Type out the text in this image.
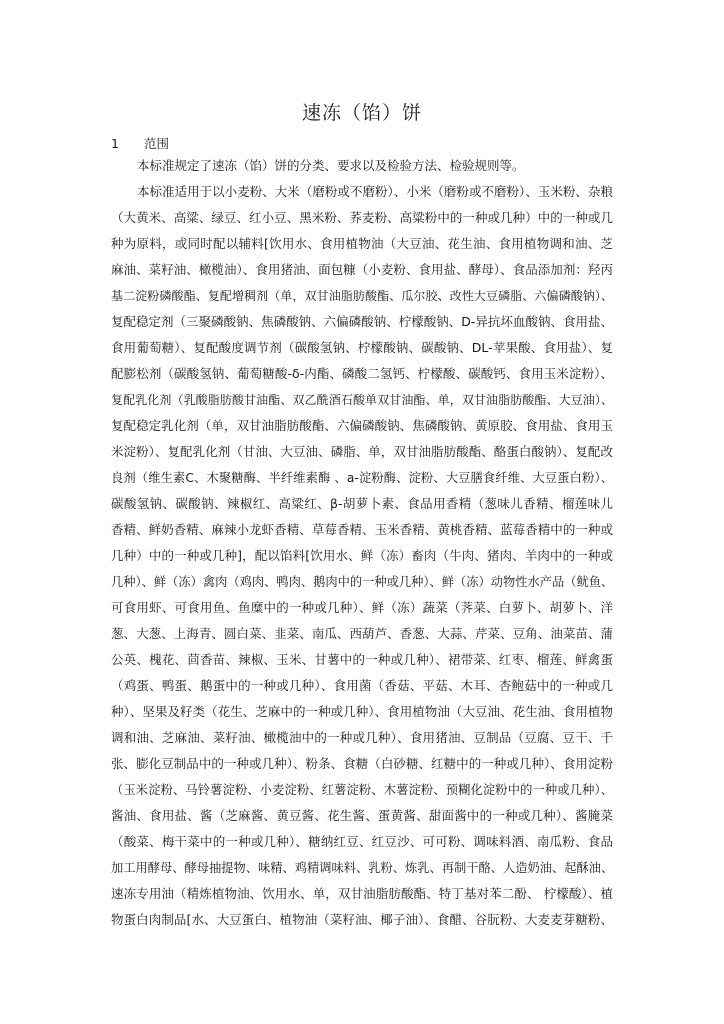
速冻（馅）饼
1 范围
本标准规定了速冻（馅）饼的分类、要求以及检验方法、检验规则等。
本标准适用于以小麦粉、大米（磨粉或不磨粉）、小米（磨粉或不磨粉）、玉米粉、杂粮
（大黄米、高粱、绿豆、红小豆、黑米粉、荞麦粉、高粱粉中的一种或几种）中的一种或几
种为原料，或同时配以辅料[饮用水、食用植物油（大豆油、花生油、食用植物调和油、芝
麻油、菜籽油、橄榄油）、食用猪油、面包糠（小麦粉、食用盐、酵母）、食品添加剂：羟丙
基二淀粉磷酸酯、复配增稠剂（单，双甘油脂肪酸酯、瓜尔胶、改性大豆磷脂、六偏磷酸钠）、
复配稳定剂（三聚磷酸钠、焦磷酸钠、六偏磷酸钠、柠檬酸钠、D-异抗坏血酸钠、食用盐、
食用葡萄糖）、复配酸度调节剂（碳酸氢钠、柠檬酸钠、碳酸钠、DL-苹果酸、食用盐）、复
配膨松剂（碳酸氢钠、葡萄糖酸-δ-内酯、磷酸二氢钙、柠檬酸、碳酸钙、食用玉米淀粉）、
复配乳化剂（乳酸脂肪酸甘油酯、双乙酰酒石酸单双甘油酯、单，双甘油脂肪酸酯、大豆油）、
复配稳定乳化剂（单，双甘油脂肪酸酯、六偏磷酸钠、焦磷酸钠、黄原胶、食用盐、食用玉
米淀粉）、复配乳化剂（甘油、大豆油、磷脂、单，双甘油脂肪酸酯、酪蛋白酸钠）、复配改
良剂（维生素C、木聚糖酶、半纤维素酶 、a-淀粉酶、淀粉、大豆膳食纤维、大豆蛋白粉）、
碳酸氢钠、碳酸钠、辣椒红、高粱红、β-胡萝卜素、食品用香精（葱味儿香精、榴莲味儿
香精、鲜奶香精、麻辣小龙虾香精、草莓香精、玉米香精、黄桃香精、蓝莓香精中的一种或
几种）中的一种或几种]，配以馅料[饮用水、鲜（冻）畜肉（牛肉、猪肉、羊肉中的一种或
几种）、鲜（冻）禽肉（鸡肉、鸭肉、鹅肉中的一种或几种）、鲜（冻）动物性水产品（鱿鱼、
可食用虾、可食用鱼、鱼糜中的一种或几种）、鲜（冻）蔬菜（荠菜、白萝卜、胡萝卜、洋
葱、大葱、上海青、圆白菜、韭菜、南瓜、西葫芦、香葱、大蒜、芹菜、豆角、油菜苗、蒲
公英、槐花、茴香苗、辣椒、玉米、甘薯中的一种或几种）、裙带菜、红枣、榴莲、鲜禽蛋
（鸡蛋、鸭蛋、鹅蛋中的一种或几种）、食用菌（香菇、平菇、木耳、杏鲍菇中的一种或几
种）、坚果及籽类（花生、芝麻中的一种或几种）、食用植物油（大豆油、花生油、食用植物
调和油、芝麻油、菜籽油、橄榄油中的一种或几种）、食用猪油、豆制品（豆腐、豆干、千
张、膨化豆制品中的一种或几种）、粉条、食糖（白砂糖、红糖中的一种或几种）、食用淀粉
（玉米淀粉、马铃薯淀粉、小麦淀粉、红薯淀粉、木薯淀粉、预糊化淀粉中的一种或几种）、
酱油、食用盐、酱（芝麻酱、黄豆酱、花生酱、蛋黄酱、甜面酱中的一种或几种）、酱腌菜
（酸菜、梅干菜中的一种或几种）、糖纳红豆、红豆沙、可可粉、调味料酒、南瓜粉、食品
加工用酵母、酵母抽提物、味精、鸡精调味料、乳粉、炼乳、再制干酪、人造奶油、起酥油、
速冻专用油（精炼植物油、饮用水、单，双甘油脂肪酸酯、特丁基对苯二酚、 柠檬酸）、植
物蛋白肉制品[水、大豆蛋白、植物油（菜籽油、椰子油）、食醋、谷朊粉、大麦麦芽糖粉、
